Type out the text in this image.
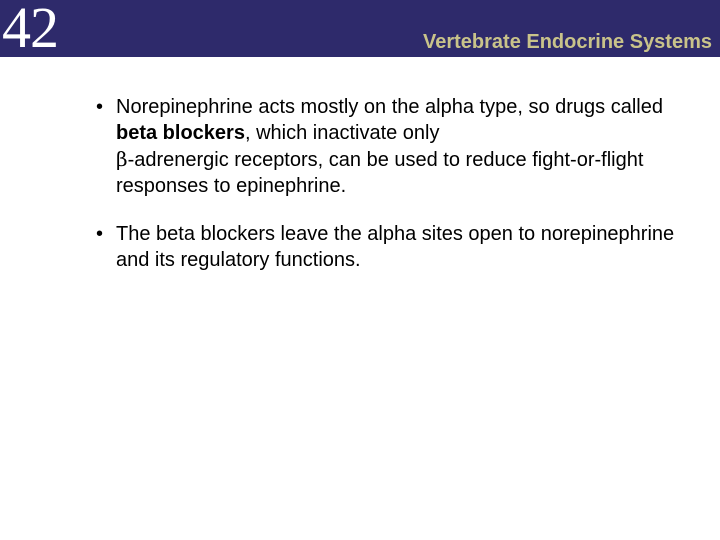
42	Vertebrate Endocrine Systems
• Norepinephrine acts mostly on the alpha type, so drugs called beta blockers, which inactivate only
β-adrenergic receptors, can be used to reduce fight-or-flight responses to epinephrine.
• The beta blockers leave the alpha sites open to norepinephrine and its regulatory functions.
